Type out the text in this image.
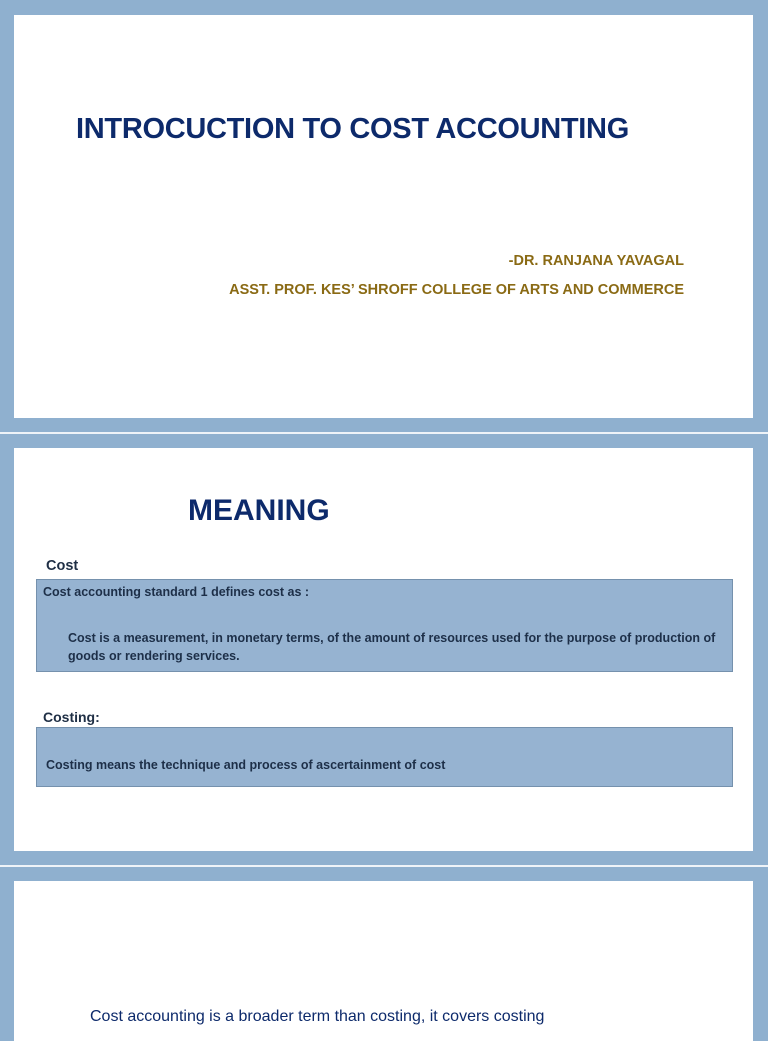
INTROCUCTION TO COST ACCOUNTING
-DR. RANJANA YAVAGAL
ASST. PROF. KES’ SHROFF COLLEGE OF ARTS AND COMMERCE
MEANING
Cost
Cost accounting standard 1 defines cost as :
Cost is a measurement, in monetary terms, of the amount of resources used for the purpose of production of goods or rendering services.
Costing:
Costing means the technique and process of ascertainment of cost
Cost accounting is a broader term than costing, it covers costing
